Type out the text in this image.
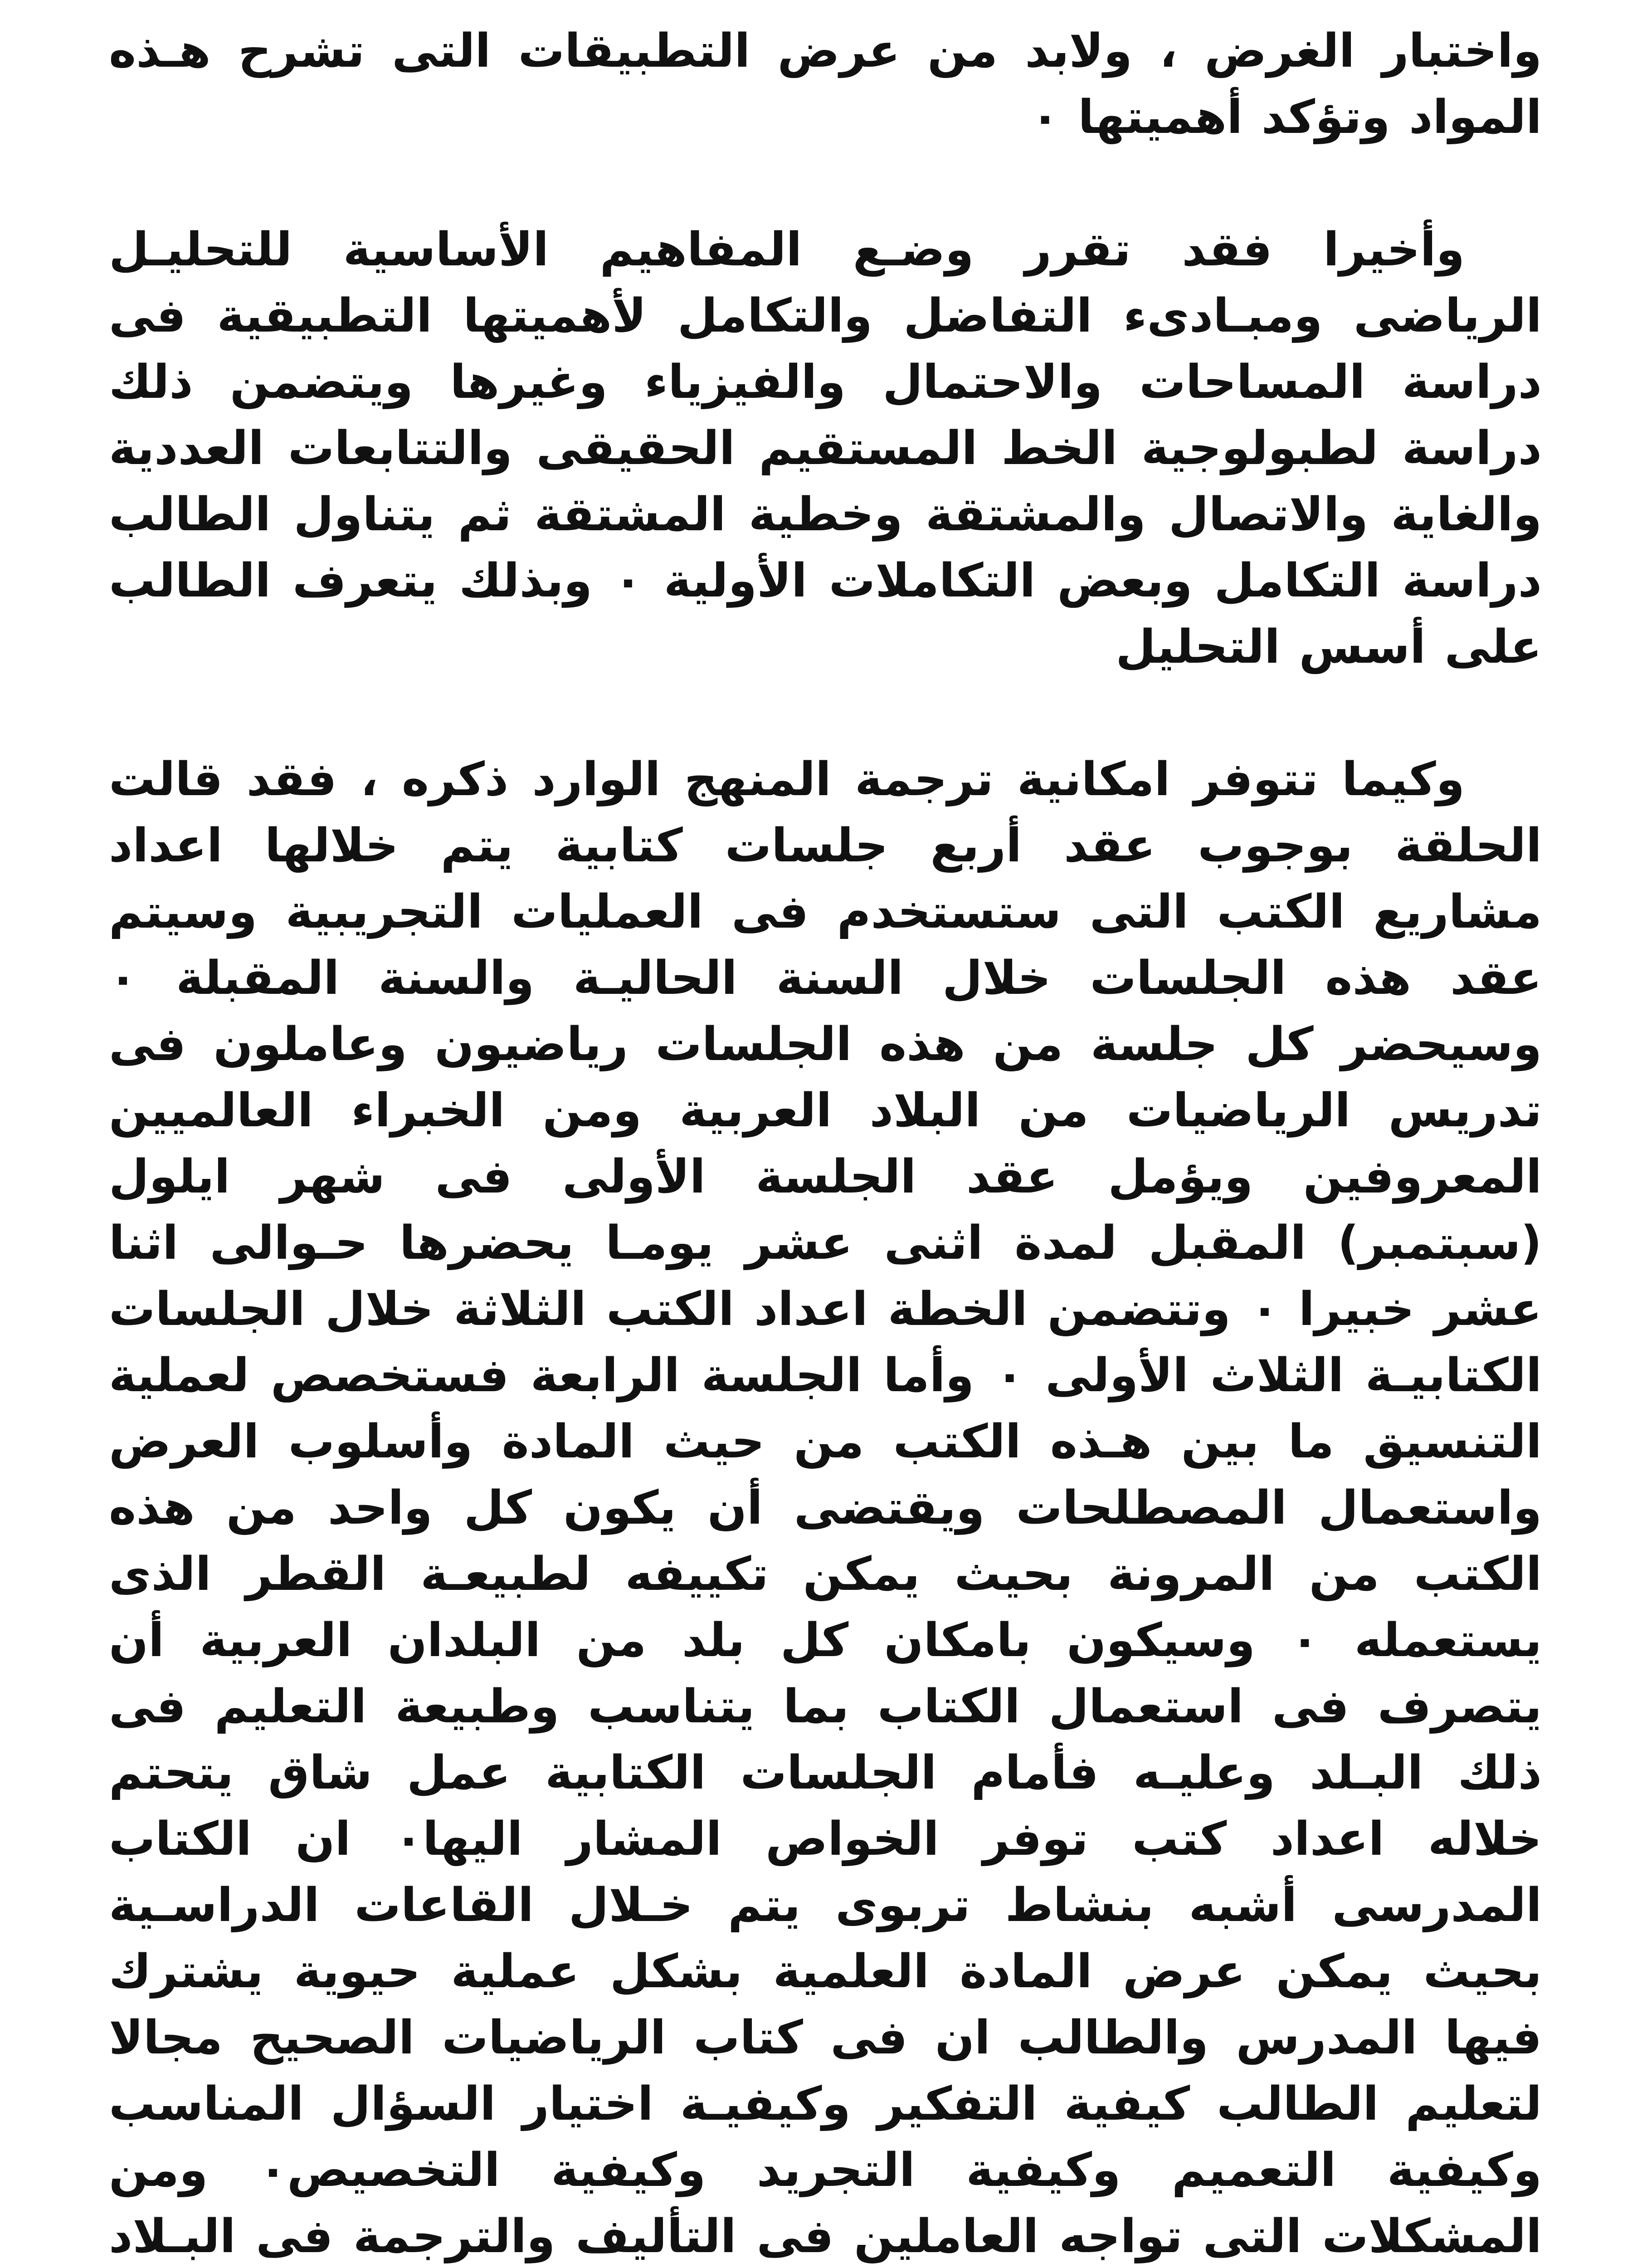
واختبار الغرض ، ولابد من عرض التطبيقات التى تشرح هـذه المواد وتؤكد أهميتها ٠

وأخيرا فقد تقرر وضـع المفاهيم الأساسية للتحليـل الرياضى ومبـادىء التفاضل والتكامل لأهميتها التطبيقية فى دراسة المساحات والاحتمال والفيزياء وغيرها ويتضمن ذلك دراسة لطبولوجية الخط المستقيم الحقيقى والتتابعات العددية والغاية والاتصال والمشتقة وخطية المشتقة ثم يتناول الطالب دراسة التكامل وبعض التكاملات الأولية ٠ وبذلك يتعرف الطالب على أسس التحليل

وكيما تتوفر امكانية ترجمة المنهج الوارد ذكره ، فقد قالت الحلقة بوجوب عقد أربع جلسات كتابية يتم خلالها اعداد مشاريع الكتب التى ستستخدم فى العمليات التجريبية وسيتم عقد هذه الجلسات خلال السنة الحاليـة والسنة المقبلة ٠ وسيحضر كل جلسة من هذه الجلسات رياضيون وعاملون فى تدريس الرياضيات من البلاد العربية ومن الخبراء العالميين المعروفين ويؤمل عقد الجلسة الأولى فى شهر ايلول (سبتمبر) المقبل لمدة اثنى عشر يومـا يحضرها حـوالى اثنا عشر خبيرا ٠ وتتضمن الخطة اعداد الكتب الثلاثة خلال الجلسات الكتابيـة الثلاث الأولى ٠ وأما الجلسة الرابعة فستخصص لعملية التنسيق ما بين هـذه الكتب من حيث المادة وأسلوب العرض واستعمال المصطلحات ويقتضى أن يكون كل واحد من هذه الكتب من المرونة بحيث يمكن تكييفه لطبيعـة القطر الذى يستعمله ٠ وسيكون بامكان كل بلد من البلدان العربية أن يتصرف فى استعمال الكتاب بما يتناسب وطبيعة التعليم فى ذلك البـلد وعليـه فأمام الجلسات الكتابية عمل شاق يتحتم خلاله اعداد كتب توفر الخواص المشار اليها٠ ان الكتاب المدرسى أشبه بنشاط تربوى يتم خـلال القاعات الدراسـية بحيث يمكن عرض المادة العلمية بشكل عملية حيوية يشترك فيها المدرس والطالب ان فى كتاب الرياضيات الصحيح مجالا لتعليم الطالب كيفية التفكير وكيفيـة اختيار السؤال المناسب وكيفية التعميم وكيفية التجريد وكيفية التخصيص٠ ومن المشكلات التى تواجه العاملين فى التأليف والترجمة فى البـلاد
